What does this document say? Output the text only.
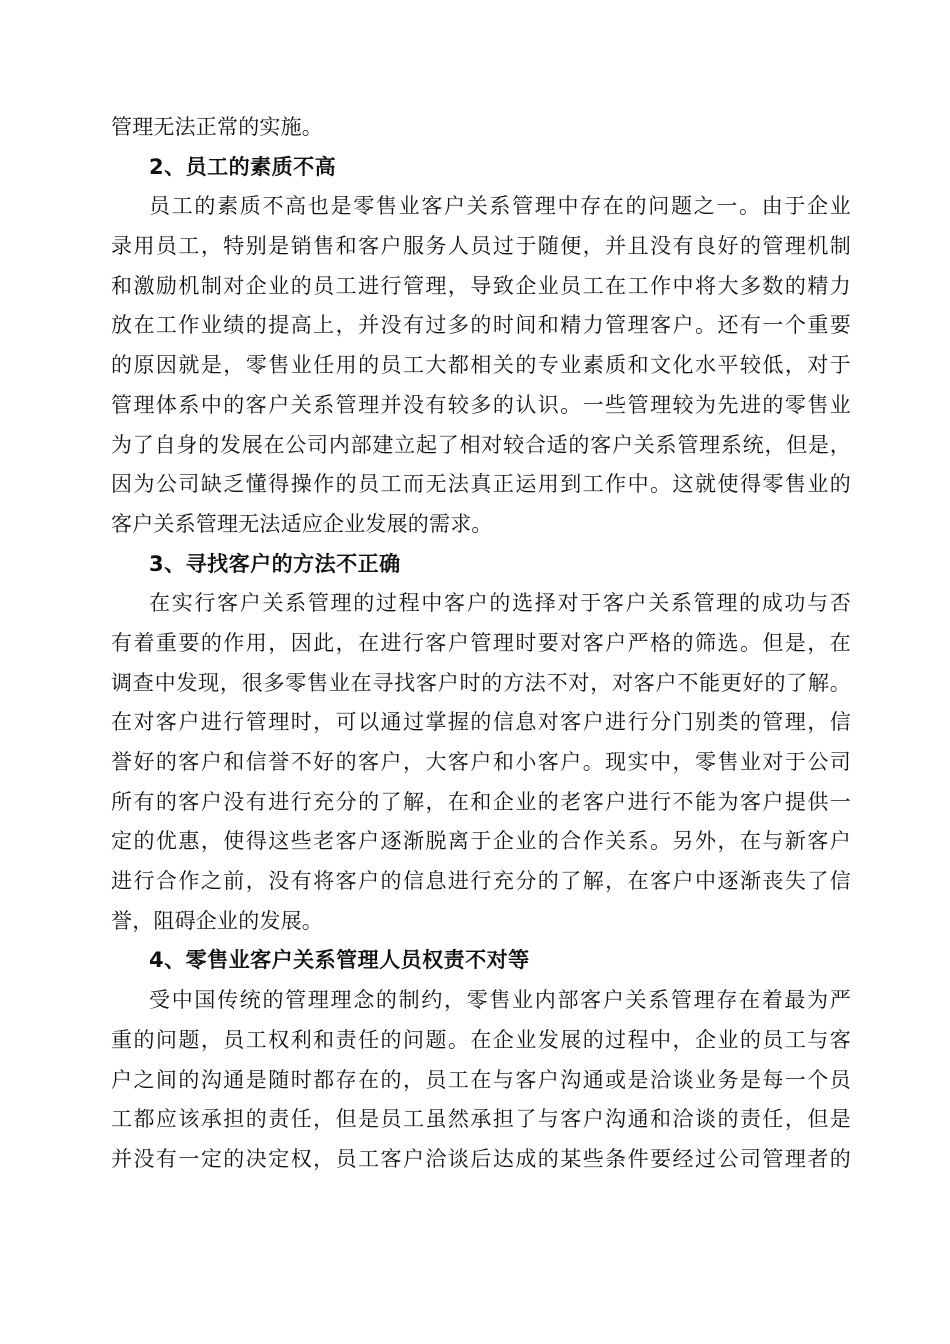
管理无法正常的实施。
2、员工的素质不高
员工的素质不高也是零售业客户关系管理中存在的问题之一。由于企业
录用员工，特别是销售和客户服务人员过于随便，并且没有良好的管理机制
和激励机制对企业的员工进行管理，导致企业员工在工作中将大多数的精力
放在工作业绩的提高上，并没有过多的时间和精力管理客户。还有一个重要
的原因就是，零售业任用的员工大都相关的专业素质和文化水平较低，对于
管理体系中的客户关系管理并没有较多的认识。一些管理较为先进的零售业
为了自身的发展在公司内部建立起了相对较合适的客户关系管理系统，但是，
因为公司缺乏懂得操作的员工而无法真正运用到工作中。这就使得零售业的
客户关系管理无法适应企业发展的需求。
3、寻找客户的方法不正确
在实行客户关系管理的过程中客户的选择对于客户关系管理的成功与否
有着重要的作用，因此，在进行客户管理时要对客户严格的筛选。但是，在
调查中发现，很多零售业在寻找客户时的方法不对，对客户不能更好的了解。
在对客户进行管理时，可以通过掌握的信息对客户进行分门别类的管理，信
誉好的客户和信誉不好的客户，大客户和小客户。现实中，零售业对于公司
所有的客户没有进行充分的了解，在和企业的老客户进行不能为客户提供一
定的优惠，使得这些老客户逐渐脱离于企业的合作关系。另外，在与新客户
进行合作之前，没有将客户的信息进行充分的了解，在客户中逐渐丧失了信
誉，阻碍企业的发展。
4、零售业客户关系管理人员权责不对等
受中国传统的管理理念的制约，零售业内部客户关系管理存在着最为严
重的问题，员工权利和责任的问题。在企业发展的过程中，企业的员工与客
户之间的沟通是随时都存在的，员工在与客户沟通或是洽谈业务是每一个员
工都应该承担的责任，但是员工虽然承担了与客户沟通和洽谈的责任，但是
并没有一定的决定权，员工客户洽谈后达成的某些条件要经过公司管理者的
